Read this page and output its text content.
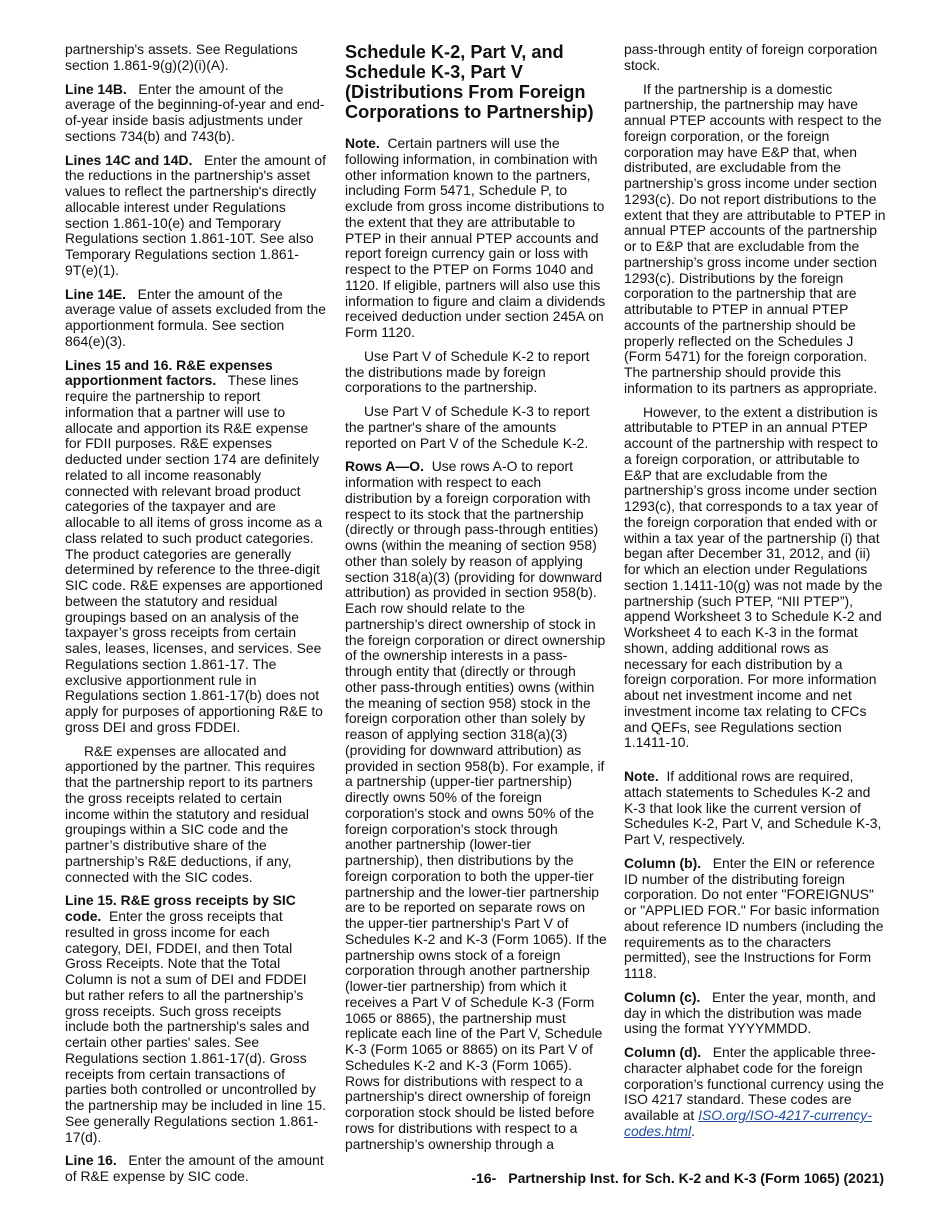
partnership's assets. See Regulations section 1.861-9(g)(2)(i)(A).

Line 14B. Enter the amount of the average of the beginning-of-year and end-of-year inside basis adjustments under sections 734(b) and 743(b).

Lines 14C and 14D. Enter the amount of the reductions in the partnership's asset values to reflect the partnership's directly allocable interest under Regulations section 1.861-10(e) and Temporary Regulations section 1.861-10T. See also Temporary Regulations section 1.861-9T(e)(1).

Line 14E. Enter the amount of the average value of assets excluded from the apportionment formula. See section 864(e)(3).

Lines 15 and 16. R&E expenses apportionment factors. These lines require the partnership to report information that a partner will use to allocate and apportion its R&E expense for FDII purposes. R&E expenses deducted under section 174 are definitely related to all income reasonably connected with relevant broad product categories of the taxpayer and are allocable to all items of gross income as a class related to such product categories. The product categories are generally determined by reference to the three-digit SIC code. R&E expenses are apportioned between the statutory and residual groupings based on an analysis of the taxpayer’s gross receipts from certain sales, leases, licenses, and services. See Regulations section 1.861-17. The exclusive apportionment rule in Regulations section 1.861-17(b) does not apply for purposes of apportioning R&E to gross DEI and gross FDDEI.

R&E expenses are allocated and apportioned by the partner. This requires that the partnership report to its partners the gross receipts related to certain income within the statutory and residual groupings within a SIC code and the partner’s distributive share of the partnership’s R&E deductions, if any, connected with the SIC codes.

Line 15. R&E gross receipts by SIC code. Enter the gross receipts that resulted in gross income for each category, DEI, FDDEI, and then Total Gross Receipts. Note that the Total Column is not a sum of DEI and FDDEI but rather refers to all the partnership’s gross receipts. Such gross receipts include both the partnership's sales and certain other parties' sales. See Regulations section 1.861-17(d). Gross receipts from certain transactions of parties both controlled or uncontrolled by the partnership may be included in line 15. See generally Regulations section 1.861-17(d).

Line 16. Enter the amount of the amount of R&E expense by SIC code.

Schedule K-2, Part V, and Schedule K-3, Part V (Distributions From Foreign Corporations to Partnership)

Note. Certain partners will use the following information, in combination with other information known to the partners, including Form 5471, Schedule P, to exclude from gross income distributions to the extent that they are attributable to PTEP in their annual PTEP accounts and report foreign currency gain or loss with respect to the PTEP on Forms 1040 and 1120. If eligible, partners will also use this information to figure and claim a dividends received deduction under section 245A on Form 1120.

Use Part V of Schedule K-2 to report the distributions made by foreign corporations to the partnership.

Use Part V of Schedule K-3 to report the partner's share of the amounts reported on Part V of the Schedule K-2.

Rows A—O. Use rows A-O to report information with respect to each distribution by a foreign corporation with respect to its stock that the partnership (directly or through pass-through entities) owns (within the meaning of section 958) other than solely by reason of applying section 318(a)(3) (providing for downward attribution) as provided in section 958(b). Each row should relate to the partnership’s direct ownership of stock in the foreign corporation or direct ownership of the ownership interests in a pass-through entity that (directly or through other pass-through entities) owns (within the meaning of section 958) stock in the foreign corporation other than solely by reason of applying section 318(a)(3) (providing for downward attribution) as provided in section 958(b). For example, if a partnership (upper-tier partnership) directly owns 50% of the foreign corporation's stock and owns 50% of the foreign corporation's stock through another partnership (lower-tier partnership), then distributions by the foreign corporation to both the upper-tier partnership and the lower-tier partnership are to be reported on separate rows on the upper-tier partnership's Part V of Schedules K-2 and K-3 (Form 1065). If the partnership owns stock of a foreign corporation through another partnership (lower-tier partnership) from which it receives a Part V of Schedule K-3 (Form 1065 or 8865), the partnership must replicate each line of the Part V, Schedule K-3 (Form 1065 or 8865) on its Part V of Schedules K-2 and K-3 (Form 1065). Rows for distributions with respect to a partnership's direct ownership of foreign corporation stock should be listed before rows for distributions with respect to a partnership’s ownership through a

pass-through entity of foreign corporation stock.

If the partnership is a domestic partnership, the partnership may have annual PTEP accounts with respect to the foreign corporation, or the foreign corporation may have E&P that, when distributed, are excludable from the partnership’s gross income under section 1293(c). Do not report distributions to the extent that they are attributable to PTEP in annual PTEP accounts of the partnership or to E&P that are excludable from the partnership’s gross income under section 1293(c). Distributions by the foreign corporation to the partnership that are attributable to PTEP in annual PTEP accounts of the partnership should be properly reflected on the Schedules J (Form 5471) for the foreign corporation. The partnership should provide this information to its partners as appropriate.

However, to the extent a distribution is attributable to PTEP in an annual PTEP account of the partnership with respect to a foreign corporation, or attributable to E&P that are excludable from the partnership’s gross income under section 1293(c), that corresponds to a tax year of the foreign corporation that ended with or within a tax year of the partnership (i) that began after December 31, 2012, and (ii) for which an election under Regulations section 1.1411-10(g) was not made by the partnership (such PTEP, “NII PTEP”), append Worksheet 3 to Schedule K-2 and Worksheet 4 to each K-3 in the format shown, adding additional rows as necessary for each distribution by a foreign corporation. For more information about net investment income and net investment income tax relating to CFCs and QEFs, see Regulations section 1.1411-10.

Note. If additional rows are required, attach statements to Schedules K-2 and K-3 that look like the current version of Schedules K-2, Part V, and Schedule K-3, Part V, respectively.

Column (b). Enter the EIN or reference ID number of the distributing foreign corporation. Do not enter "FOREIGNUS" or "APPLIED FOR." For basic information about reference ID numbers (including the requirements as to the characters permitted), see the Instructions for Form 1118.

Column (c). Enter the year, month, and day in which the distribution was made using the format YYYYMMDD.

Column (d). Enter the applicable three-character alphabet code for the foreign corporation’s functional currency using the ISO 4217 standard. These codes are available at ISO.org/ISO-4217-currency-codes.html.

-16- Partnership Inst. for Sch. K-2 and K-3 (Form 1065) (2021)
